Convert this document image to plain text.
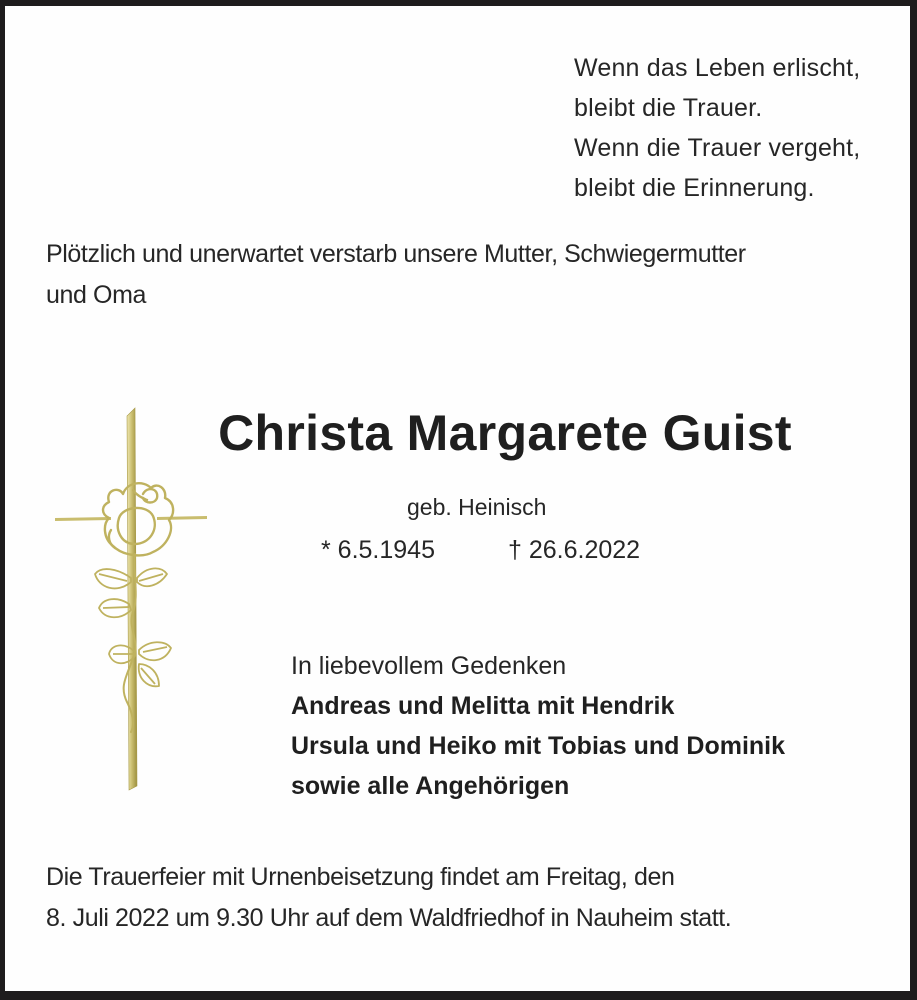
Wenn das Leben erlischt,
bleibt die Trauer.
Wenn die Trauer vergeht,
bleibt die Erinnerung.
Plötzlich und unerwartet verstarb unsere Mutter, Schwiegermutter
und Oma
Christa Margarete Guist
geb. Heinisch
* 6.5.1945	† 26.6.2022
In liebevollem Gedenken
Andreas und Melitta mit Hendrik
Ursula und Heiko mit Tobias und Dominik
sowie alle Angehörigen
Die Trauerfeier mit Urnenbeisetzung findet am Freitag, den
8. Juli 2022 um 9.30 Uhr auf dem Waldfriedhof in Nauheim statt.
